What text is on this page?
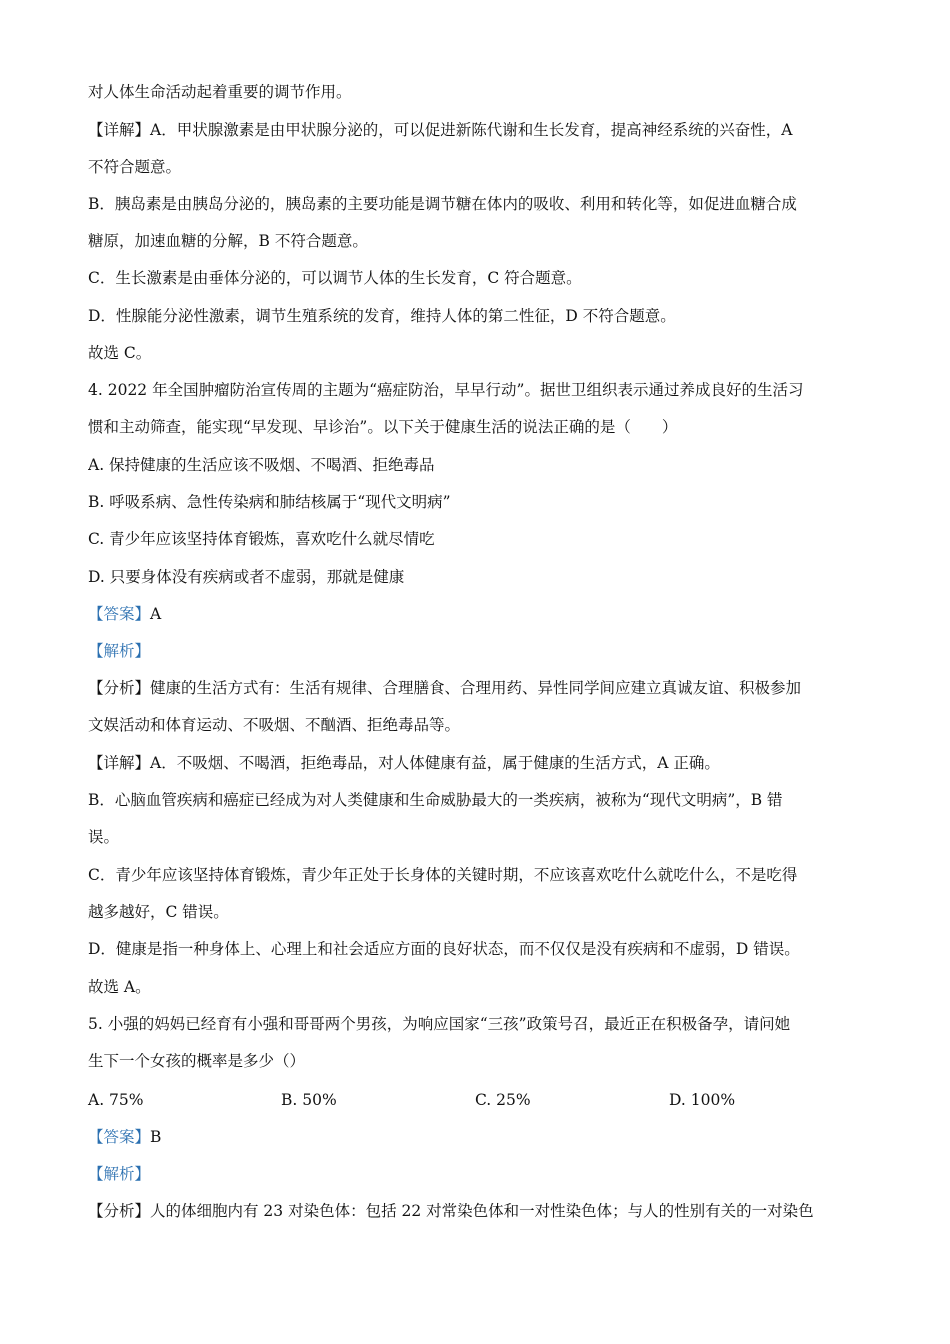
对人体生命活动起着重要的调节作用。
【详解】A．甲状腺激素是由甲状腺分泌的，可以促进新陈代谢和生长发育，提高神经系统的兴奋性，A
不符合题意。
B．胰岛素是由胰岛分泌的，胰岛素的主要功能是调节糖在体内的吸收、利用和转化等，如促进血糖合成
糖原，加速血糖的分解，B 不符合题意。
C．生长激素是由垂体分泌的，可以调节人体的生长发育，C 符合题意。
D．性腺能分泌性激素，调节生殖系统的发育，维持人体的第二性征，D 不符合题意。
故选 C。
4. 2022 年全国肿瘤防治宣传周的主题为“癌症防治，早早行动”。据世卫组织表示通过养成良好的生活习
惯和主动筛查，能实现“早发现、早诊治”。以下关于健康生活的说法正确的是（　　）
A. 保持健康的生活应该不吸烟、不喝酒、拒绝毒品
B. 呼吸系病、急性传染病和肺结核属于“现代文明病”
C. 青少年应该坚持体育锻炼，喜欢吃什么就尽情吃
D. 只要身体没有疾病或者不虚弱，那就是健康
【答案】A
【解析】
【分析】健康的生活方式有：生活有规律、合理膳食、合理用药、异性同学间应建立真诚友谊、积极参加
文娱活动和体育运动、不吸烟、不酗酒、拒绝毒品等。
【详解】A．不吸烟、不喝酒，拒绝毒品，对人体健康有益，属于健康的生活方式，A 正确。
B．心脑血管疾病和癌症已经成为对人类健康和生命威胁最大的一类疾病，被称为“现代文明病”，B 错
误。
C．青少年应该坚持体育锻炼，青少年正处于长身体的关键时期，不应该喜欢吃什么就吃什么，不是吃得
越多越好，C 错误。
D．健康是指一种身体上、心理上和社会适应方面的良好状态，而不仅仅是没有疾病和不虚弱，D 错误。
故选 A。
5. 小强的妈妈已经育有小强和哥哥两个男孩，为响应国家“三孩”政策号召，最近正在积极备孕，请问她
生下一个女孩的概率是多少（）
A. 75%	B. 50%	C. 25%	D. 100%
【答案】B
【解析】
【分析】人的体细胞内有 23 对染色体：包括 22 对常染色体和一对性染色体；与人的性别有关的一对染色
